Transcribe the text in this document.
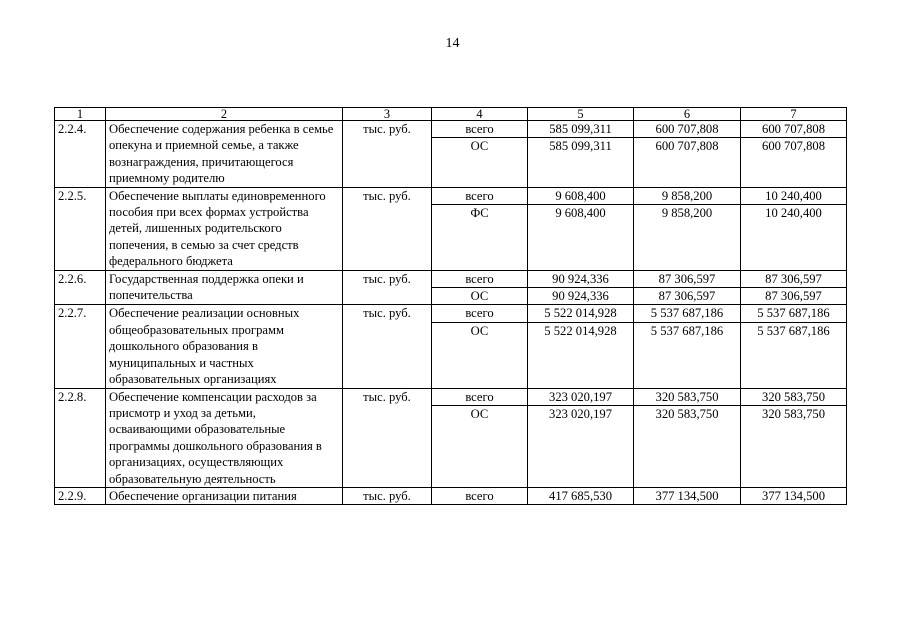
14
1	2	3	4	5	6	7
2.2.4.	Обеспечение содержания ребенка в семье опекуна и приемной семье, а также вознаграждения, причитающегося приемному родителю	тыс. руб.	всего	585 099,311	600 707,808	600 707,808
			ОС	585 099,311	600 707,808	600 707,808

2.2.5.	Обеспечение выплаты единовременного пособия при всех формах устройства детей, лишенных родительского попечения, в семью за счет средств федерального бюджета	тыс. руб.	всего	9 608,400	9 858,200	10 240,400
			ФС	9 608,400	9 858,200	10 240,400

2.2.6.	Государственная поддержка опеки и попечительства	тыс. руб.	всего	90 924,336	87 306,597	87 306,597
			ОС	90 924,336	87 306,597	87 306,597

2.2.7.	Обеспечение реализации основных общеобразовательных программ дошкольного образования в муниципальных и частных образовательных организациях	тыс. руб.	всего	5 522 014,928	5 537 687,186	5 537 687,186
			ОС	5 522 014,928	5 537 687,186	5 537 687,186

2.2.8.	Обеспечение компенсации расходов за присмотр и уход за детьми, осваивающими образовательные программы дошкольного образования в организациях, осуществляющих образовательную деятельность	тыс. руб.	всего	323 020,197	320 583,750	320 583,750
			ОС	323 020,197	320 583,750	320 583,750

2.2.9.	Обеспечение организации питания	тыс. руб.	всего	417 685,530	377 134,500	377 134,500
